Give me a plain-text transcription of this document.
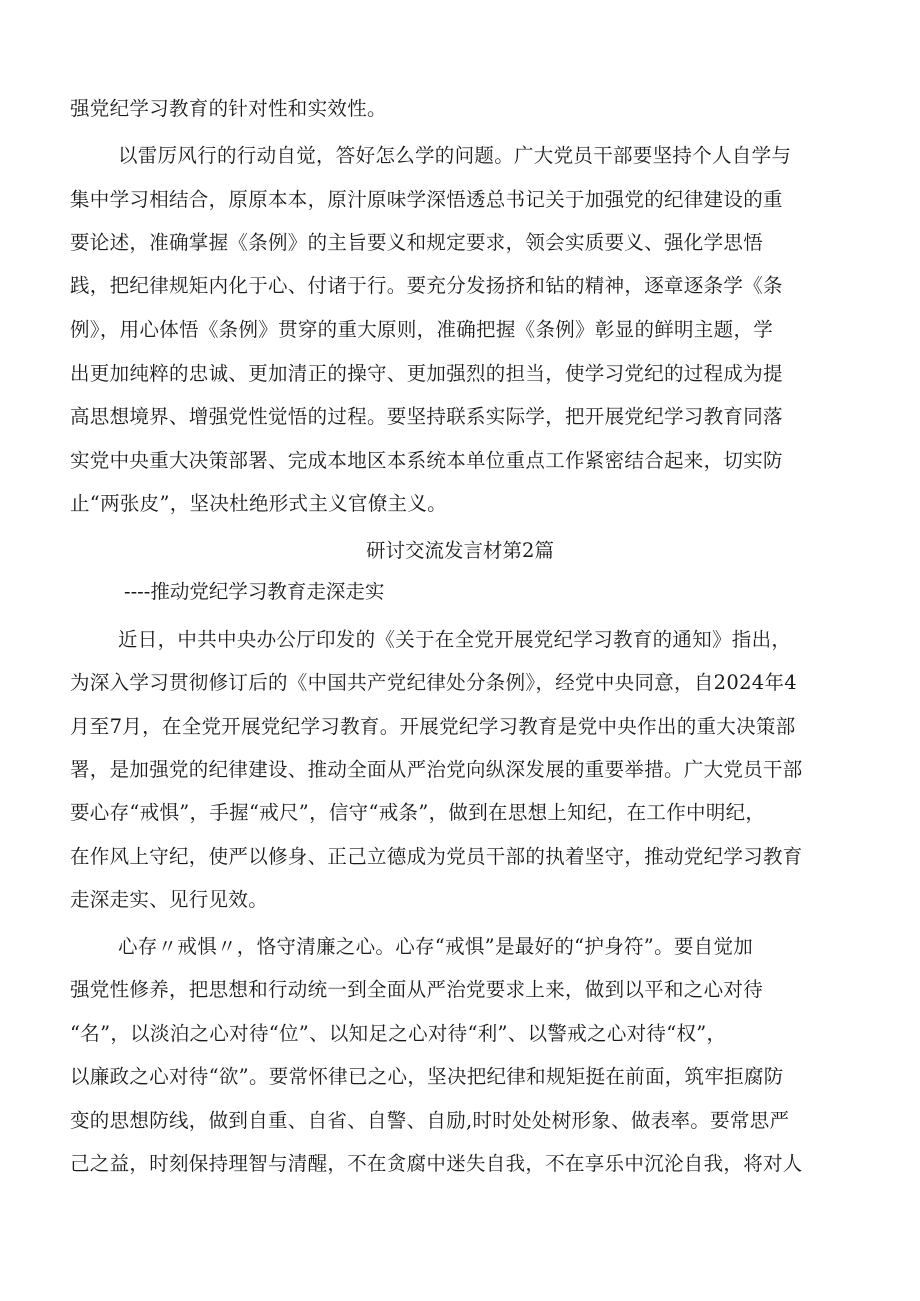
强党纪学习教育的针对性和实效性。
以雷厉风行的行动自觉，答好怎么学的问题。广大党员干部要坚持个人自学与
集中学习相结合，原原本本，原汁原味学深悟透总书记关于加强党的纪律建设的重
要论述，准确掌握《条例》的主旨要义和规定要求，领会实质要义、强化学思悟
践，把纪律规矩内化于心、付诸于行。要充分发扬挤和钻的精神，逐章逐条学《条
例》，用心体悟《条例》贯穿的重大原则，准确把握《条例》彰显的鲜明主题，学
出更加纯粹的忠诚、更加清正的操守、更加强烈的担当，使学习党纪的过程成为提
高思想境界、增强党性觉悟的过程。要坚持联系实际学，把开展党纪学习教育同落
实党中央重大决策部署、完成本地区本系统本单位重点工作紧密结合起来，切实防
止“两张皮”，坚决杜绝形式主义官僚主义。
研讨交流发言材第2篇
----推动党纪学习教育走深走实
近日，中共中央办公厅印发的《关于在全党开展党纪学习教育的通知》指出，
为深入学习贯彻修订后的《中国共产党纪律处分条例》，经党中央同意，自2024年4
月至7月，在全党开展党纪学习教育。开展党纪学习教育是党中央作出的重大决策部
署，是加强党的纪律建设、推动全面从严治党向纵深发展的重要举措。广大党员干部
要心存“戒惧”，手握“戒尺”，信守“戒条”，做到在思想上知纪，在工作中明纪，
在作风上守纪，使严以修身、正己立德成为党员干部的执着坚守，推动党纪学习教育
走深走实、见行见效。
心存〃戒惧〃，恪守清廉之心。心存“戒惧”是最好的“护身符”。要自觉加
强党性修养，把思想和行动统一到全面从严治党要求上来，做到以平和之心对待
“名”，以淡泊之心对待“位”、以知足之心对待“利”、以警戒之心对待“权”，
以廉政之心对待“欲”。要常怀律已之心，坚决把纪律和规矩挺在前面，筑牢拒腐防
变的思想防线，做到自重、自省、自警、自励,时时处处树形象、做表率。要常思严
己之益，时刻保持理智与清醒，不在贪腐中迷失自我，不在享乐中沉沦自我，将对人
